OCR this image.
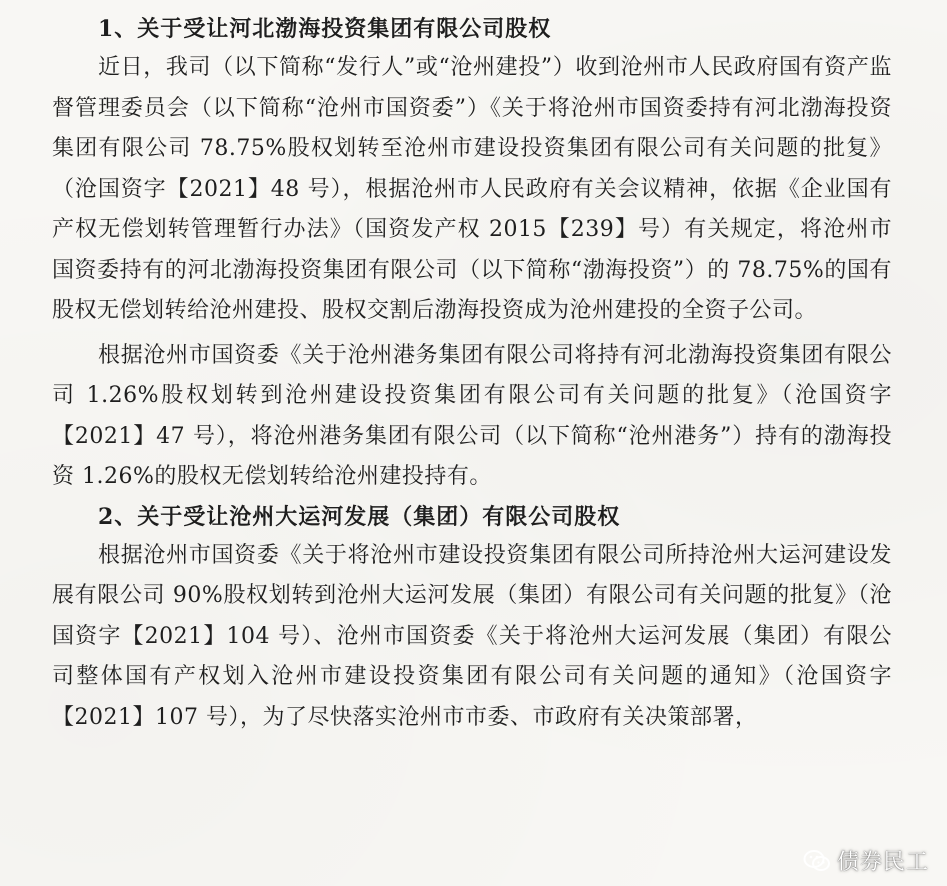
1、关于受让河北渤海投资集团有限公司股权

近日，我司（以下简称“发行人”或“沧州建投”）收到沧州市人民政府国有资产监督管理委员会（以下简称“沧州市国资委”）《关于将沧州市国资委持有河北渤海投资集团有限公司 78.75%股权划转至沧州市建设投资集团有限公司有关问题的批复》（沧国资字【2021】48 号），根据沧州市人民政府有关会议精神，依据《企业国有产权无偿划转管理暂行办法》（国资发产权 2015【239】号）有关规定，将沧州市国资委持有的河北渤海投资集团有限公司（以下简称“渤海投资”）的 78.75%的国有股权无偿划转给沧州建投、股权交割后渤海投资成为沧州建投的全资子公司。

根据沧州市国资委《关于沧州港务集团有限公司将持有河北渤海投资集团有限公司 1.26%股权划转到沧州建设投资集团有限公司有关问题的批复》（沧国资字【2021】47 号），将沧州港务集团有限公司（以下简称“沧州港务”）持有的渤海投资 1.26%的股权无偿划转给沧州建投持有。

2、关于受让沧州大运河发展（集团）有限公司股权

根据沧州市国资委《关于将沧州市建设投资集团有限公司所持沧州大运河建设发展有限公司 90%股权划转到沧州大运河发展（集团）有限公司有关问题的批复》（沧国资字【2021】104 号）、沧州市国资委《关于将沧州大运河发展（集团）有限公司整体国有产权划入沧州市建设投资集团有限公司有关问题的通知》（沧国资字【2021】107 号），为了尽快落实沧州市市委、市政府有关决策部署，

债券民工
